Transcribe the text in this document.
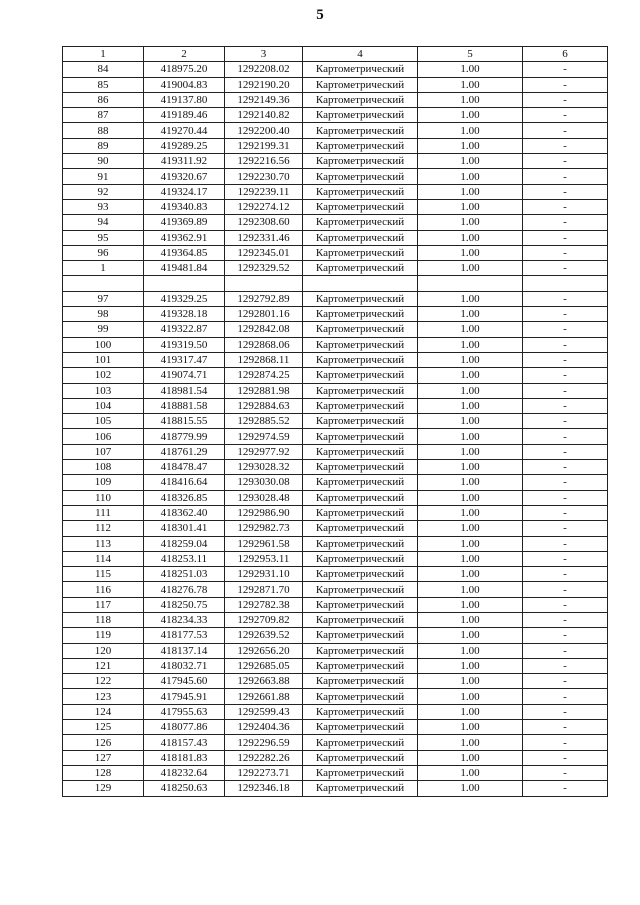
5
1	2	3	4	5	6
84	418975.20	1292208.02	Картометрический	1.00	-
85	419004.83	1292190.20	Картометрический	1.00	-
86	419137.80	1292149.36	Картометрический	1.00	-
87	419189.46	1292140.82	Картометрический	1.00	-
88	419270.44	1292200.40	Картометрический	1.00	-
89	419289.25	1292199.31	Картометрический	1.00	-
90	419311.92	1292216.56	Картометрический	1.00	-
91	419320.67	1292230.70	Картометрический	1.00	-
92	419324.17	1292239.11	Картометрический	1.00	-
93	419340.83	1292274.12	Картометрический	1.00	-
94	419369.89	1292308.60	Картометрический	1.00	-
95	419362.91	1292331.46	Картометрический	1.00	-
96	419364.85	1292345.01	Картометрический	1.00	-
1	419481.84	1292329.52	Картометрический	1.00	-

97	419329.25	1292792.89	Картометрический	1.00	-
98	419328.18	1292801.16	Картометрический	1.00	-
99	419322.87	1292842.08	Картометрический	1.00	-
100	419319.50	1292868.06	Картометрический	1.00	-
101	419317.47	1292868.11	Картометрический	1.00	-
102	419074.71	1292874.25	Картометрический	1.00	-
103	418981.54	1292881.98	Картометрический	1.00	-
104	418881.58	1292884.63	Картометрический	1.00	-
105	418815.55	1292885.52	Картометрический	1.00	-
106	418779.99	1292974.59	Картометрический	1.00	-
107	418761.29	1292977.92	Картометрический	1.00	-
108	418478.47	1293028.32	Картометрический	1.00	-
109	418416.64	1293030.08	Картометрический	1.00	-
110	418326.85	1293028.48	Картометрический	1.00	-
111	418362.40	1292986.90	Картометрический	1.00	-
112	418301.41	1292982.73	Картометрический	1.00	-
113	418259.04	1292961.58	Картометрический	1.00	-
114	418253.11	1292953.11	Картометрический	1.00	-
115	418251.03	1292931.10	Картометрический	1.00	-
116	418276.78	1292871.70	Картометрический	1.00	-
117	418250.75	1292782.38	Картометрический	1.00	-
118	418234.33	1292709.82	Картометрический	1.00	-
119	418177.53	1292639.52	Картометрический	1.00	-
120	418137.14	1292656.20	Картометрический	1.00	-
121	418032.71	1292685.05	Картометрический	1.00	-
122	417945.60	1292663.88	Картометрический	1.00	-
123	417945.91	1292661.88	Картометрический	1.00	-
124	417955.63	1292599.43	Картометрический	1.00	-
125	418077.86	1292404.36	Картометрический	1.00	-
126	418157.43	1292296.59	Картометрический	1.00	-
127	418181.83	1292282.26	Картометрический	1.00	-
128	418232.64	1292273.71	Картометрический	1.00	-
129	418250.63	1292346.18	Картометрический	1.00	-
